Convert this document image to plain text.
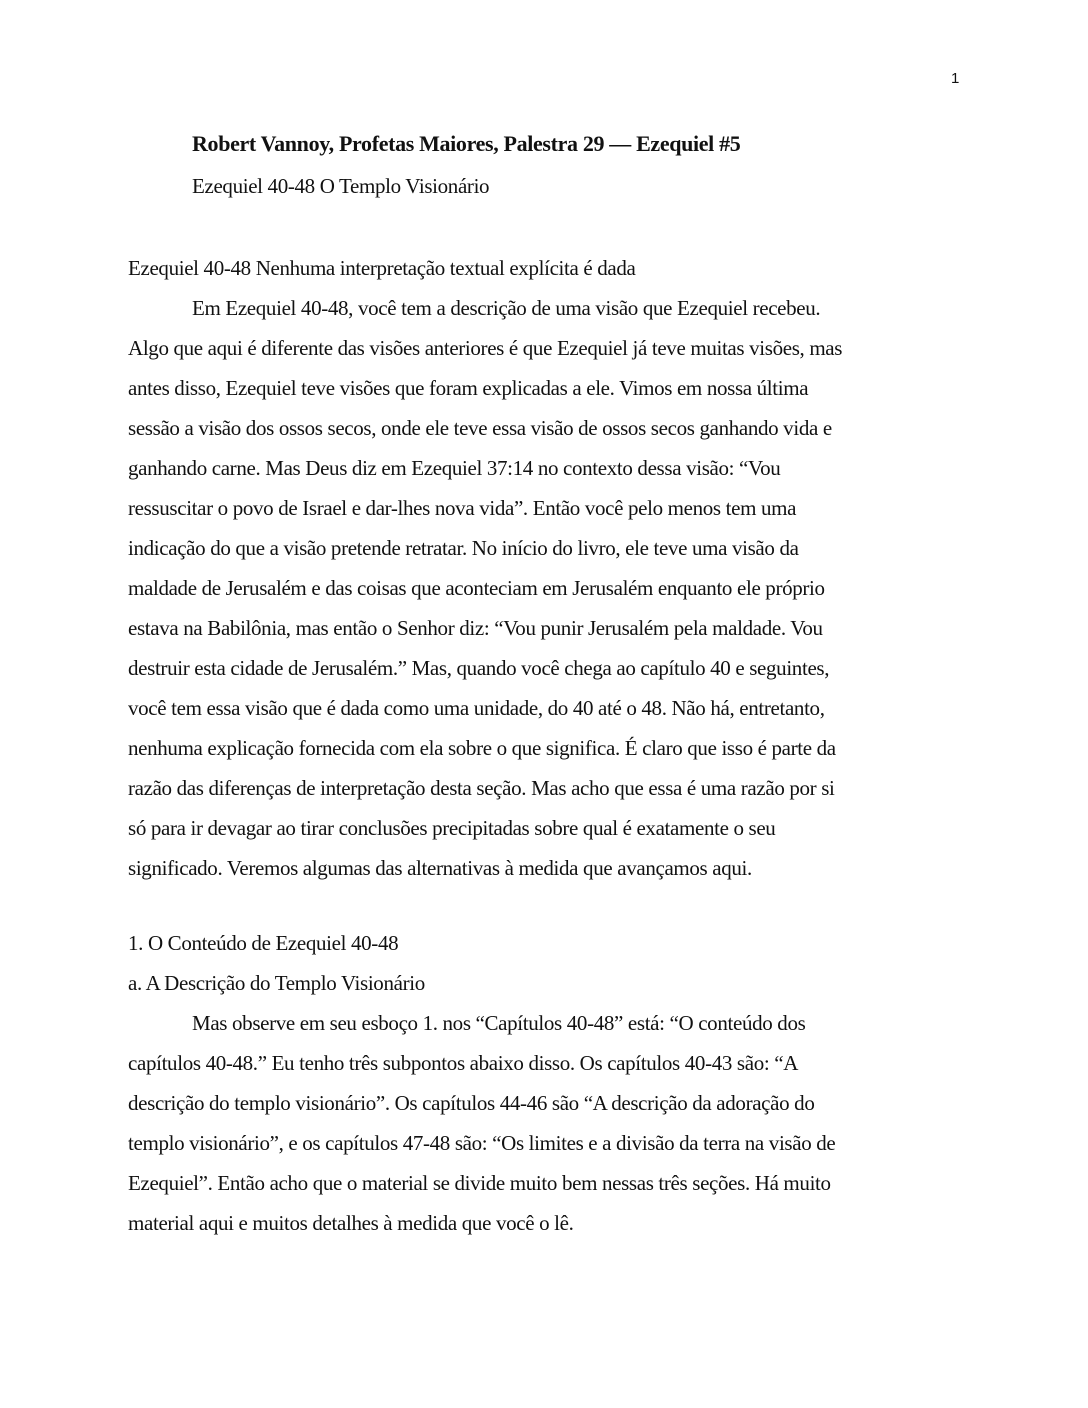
1
Robert Vannoy, Profetas Maiores, Palestra 29 — Ezequiel #5
Ezequiel 40-48 O Templo Visionário
Ezequiel 40-48 Nenhuma interpretação textual explícita é dada
Em Ezequiel 40-48, você tem a descrição de uma visão que Ezequiel recebeu.
Algo que aqui é diferente das visões anteriores é que Ezequiel já teve muitas visões, mas
antes disso, Ezequiel teve visões que foram explicadas a ele. Vimos em nossa última
sessão a visão dos ossos secos, onde ele teve essa visão de ossos secos ganhando vida e
ganhando carne. Mas Deus diz em Ezequiel 37:14 no contexto dessa visão: “Vou
ressuscitar o povo de Israel e dar-lhes nova vida”. Então você pelo menos tem uma
indicação do que a visão pretende retratar. No início do livro, ele teve uma visão da
maldade de Jerusalém e das coisas que aconteciam em Jerusalém enquanto ele próprio
estava na Babilônia, mas então o Senhor diz: “Vou punir Jerusalém pela maldade. Vou
destruir esta cidade de Jerusalém.” Mas, quando você chega ao capítulo 40 e seguintes,
você tem essa visão que é dada como uma unidade, do 40 até o 48. Não há, entretanto,
nenhuma explicação fornecida com ela sobre o que significa. É claro que isso é parte da
razão das diferenças de interpretação desta seção. Mas acho que essa é uma razão por si
só para ir devagar ao tirar conclusões precipitadas sobre qual é exatamente o seu
significado. Veremos algumas das alternativas à medida que avançamos aqui.
1. O Conteúdo de Ezequiel 40-48
a. A Descrição do Templo Visionário
Mas observe em seu esboço 1. nos “Capítulos 40-48” está: “O conteúdo dos
capítulos 40-48.” Eu tenho três subpontos abaixo disso. Os capítulos 40-43 são: “A
descrição do templo visionário”. Os capítulos 44-46 são “A descrição da adoração do
templo visionário”, e os capítulos 47-48 são: “Os limites e a divisão da terra na visão de
Ezequiel”. Então acho que o material se divide muito bem nessas três seções. Há muito
material aqui e muitos detalhes à medida que você o lê.
